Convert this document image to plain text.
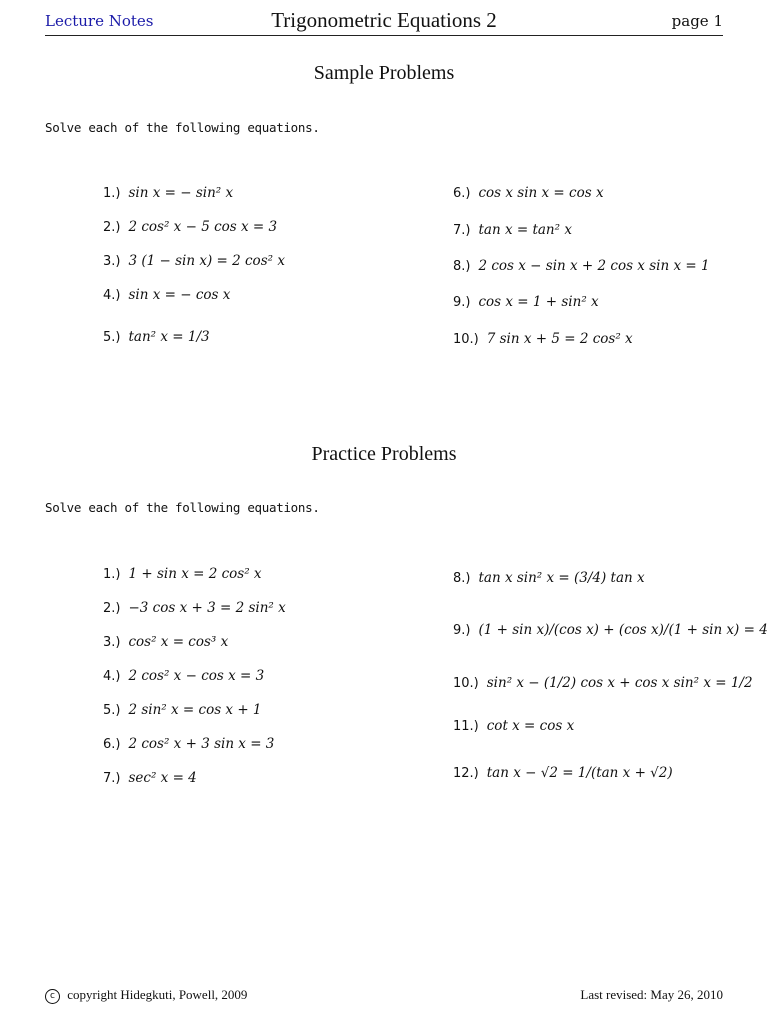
Lecture Notes	Trigonometric Equations 2	page 1
Sample Problems
Solve each of the following equations.
1.) sin x = − sin² x
2.) 2 cos² x − 5 cos x = 3
3.) 3 (1 − sin x) = 2 cos² x
4.) sin x = − cos x
5.) tan² x = 1/3
6.) cos x sin x = cos x
7.) tan x = tan² x
8.) 2 cos x − sin x + 2 cos x sin x = 1
9.) cos x = 1 + sin² x
10.) 7 sin x + 5 = 2 cos² x
Practice Problems
Solve each of the following equations.
1.) 1 + sin x = 2 cos² x
2.) −3 cos x + 3 = 2 sin² x
3.) cos² x = cos³ x
4.) 2 cos² x − cos x = 3
5.) 2 sin² x = cos x + 1
6.) 2 cos² x + 3 sin x = 3
7.) sec² x = 4
8.) tan x sin² x = (3/4) tan x
9.) (1 + sin x)/(cos x) + (cos x)/(1 + sin x) = 4
10.) sin² x − (1/2) cos x + cos x sin² x = 1/2
11.) cot x = cos x
12.) tan x − √2 = 1/(tan x + √2)
c copyright Hidegkuti, Powell, 2009	Last revised: May 26, 2010
